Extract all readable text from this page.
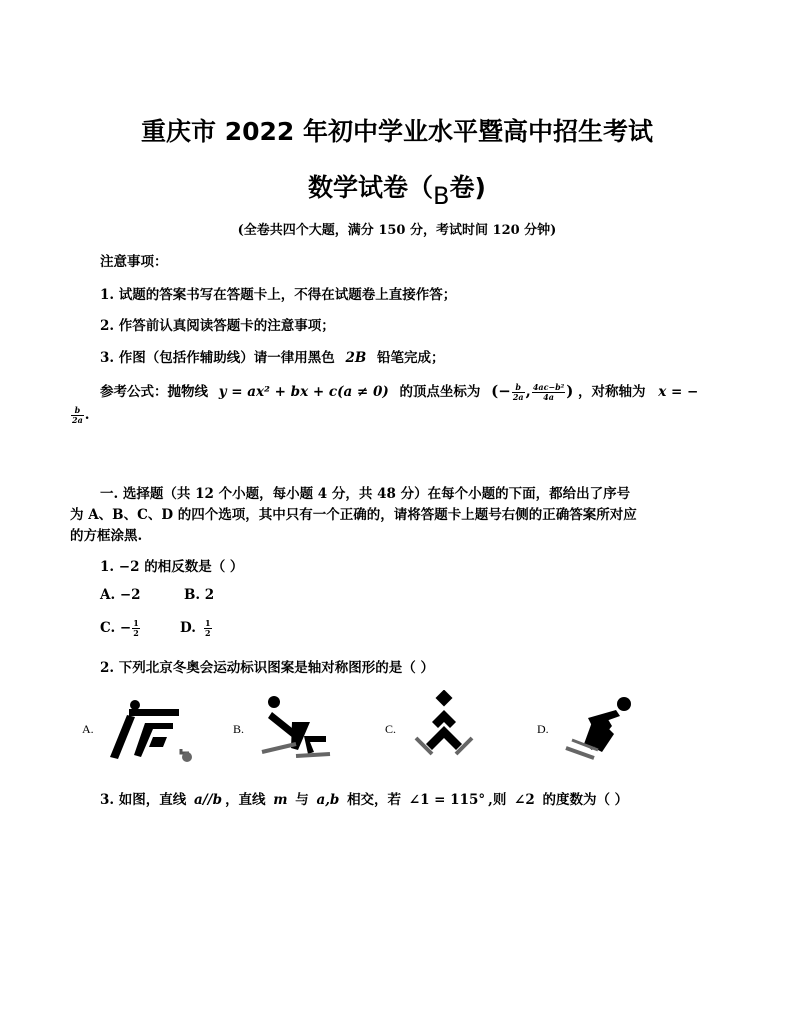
重庆市 2022 年初中学业水平暨高中招生考试
数学试卷（B卷)
(全卷共四个大题，满分 150 分，考试时间 120 分钟)
注意事项：
1. 试题的答案书写在答题卡上，不得在试题卷上直接作答；
2. 作答前认真阅读答题卡的注意事项；
3. 作图（包括作辅助线）请一律用黑色 2B 铅笔完成；
参考公式：抛物线 y = ax² + bx + c(a ≠ 0) 的顶点坐标为 (− $\frac{b}{2a}$ , $\frac{\text{4ac−b²}}{4a}$ ) ，对称轴为 x = −
$\frac{b}{2a}$ .
一. 选择题（共 12 个小题，每小题 4 分，共 48 分）在每个小题的下面，都给出了序号
为 A、B、C、D 的四个选项，其中只有一个正确的，请将答题卡上题号右侧的正确答案所对应
的方框涂黑.
1. −2 的相反数是（ ）
A. −2	B. 2
C. − $\frac{1}{2}$	D. $\frac{1}{2}$
2. 下列北京冬奥会运动标识图案是轴对称图形的是（ ）
A.	B.	C.	D.
3. 如图，直线 a//b ，直线 m 与 a,b 相交，若 ∠1 = 115° ,则 ∠2 的度数为（ ）
